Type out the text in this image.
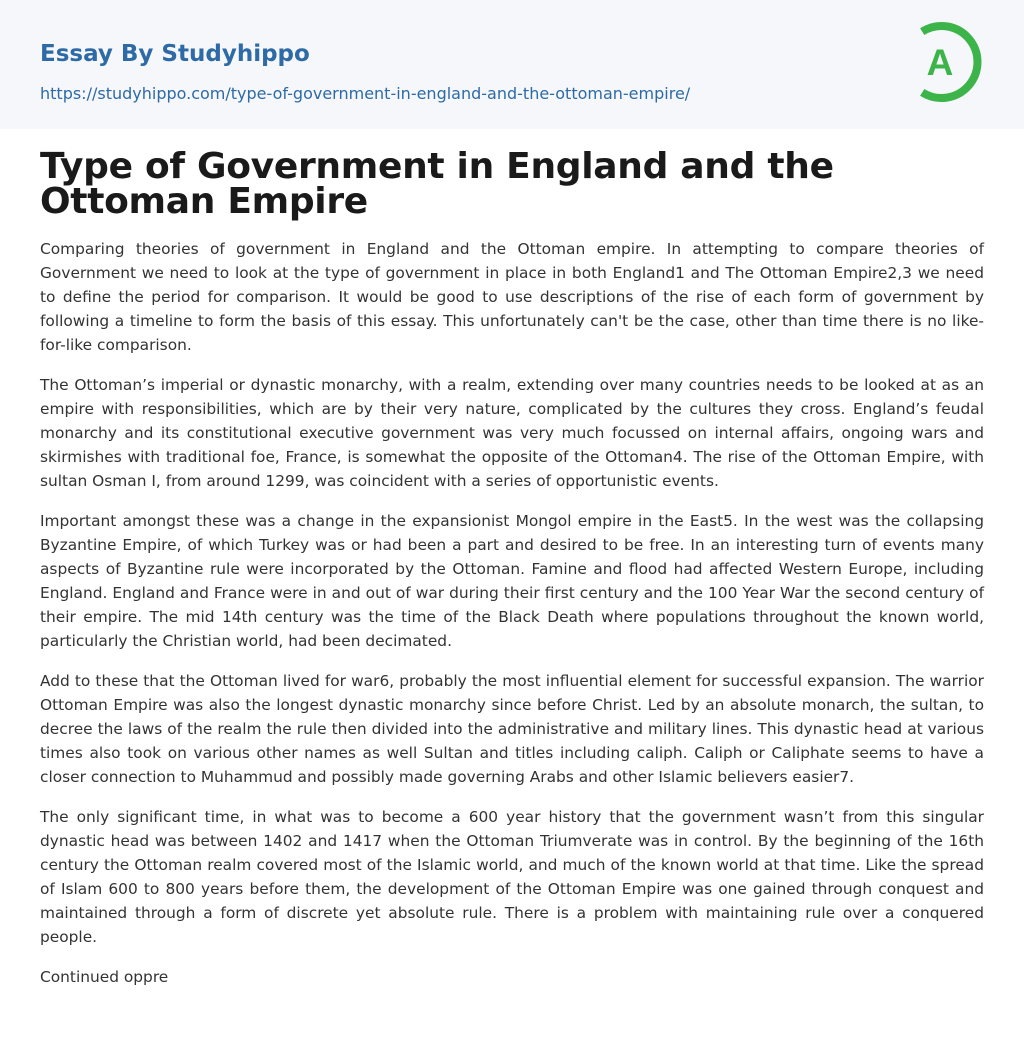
Essay By Studyhippo
https://studyhippo.com/type-of-government-in-england-and-the-ottoman-empire/
A
Type of Government in England and the Ottoman Empire

Comparing theories of government in England and the Ottoman empire. In attempting to compare theories of Government we need to look at the type of government in place in both England1 and The Ottoman Empire2,3 we need to define the period for comparison. It would be good to use descriptions of the rise of each form of government by following a timeline to form the basis of this essay. This unfortunately can't be the case, other than time there is no like-for-like comparison.

The Ottoman’s imperial or dynastic monarchy, with a realm, extending over many countries needs to be looked at as an empire with responsibilities, which are by their very nature, complicated by the cultures they cross. England’s feudal monarchy and its constitutional executive government was very much focussed on internal affairs, ongoing wars and skirmishes with traditional foe, France, is somewhat the opposite of the Ottoman4. The rise of the Ottoman Empire, with sultan Osman I, from around 1299, was coincident with a series of opportunistic events.

Important amongst these was a change in the expansionist Mongol empire in the East5. In the west was the collapsing Byzantine Empire, of which Turkey was or had been a part and desired to be free. In an interesting turn of events many aspects of Byzantine rule were incorporated by the Ottoman. Famine and flood had affected Western Europe, including England. England and France were in and out of war during their first century and the 100 Year War the second century of their empire. The mid 14th century was the time of the Black Death where populations throughout the known world, particularly the Christian world, had been decimated.

Add to these that the Ottoman lived for war6, probably the most influential element for successful expansion. The warrior Ottoman Empire was also the longest dynastic monarchy since before Christ. Led by an absolute monarch, the sultan, to decree the laws of the realm the rule then divided into the administrative and military lines. This dynastic head at various times also took on various other names as well Sultan and titles including caliph. Caliph or Caliphate seems to have a closer connection to Muhammud and possibly made governing Arabs and other Islamic believers easier7.

The only significant time, in what was to become a 600 year history that the government wasn’t from this singular dynastic head was between 1402 and 1417 when the Ottoman Triumverate was in control. By the beginning of the 16th century the Ottoman realm covered most of the Islamic world, and much of the known world at that time. Like the spread of Islam 600 to 800 years before them, the development of the Ottoman Empire was one gained through conquest and maintained through a form of discrete yet absolute rule. There is a problem with maintaining rule over a conquered people.

Continued oppre
